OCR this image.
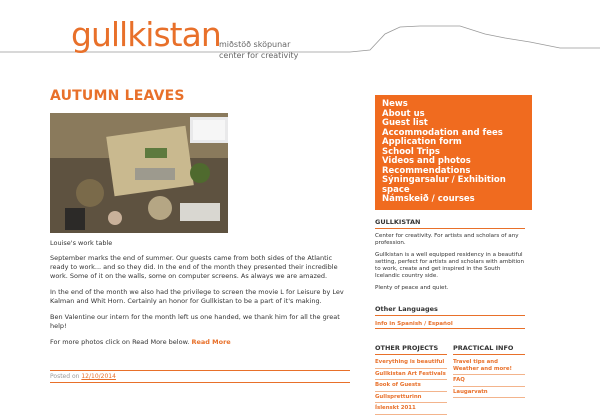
gullkistan
miðstöð sköpunar
center for creativity
AUTUMN LEAVES
Louise's work table

September marks the end of summer. Our guests came from both sides of the Atlantic ready to work... and so they did. In the end of the month they presented their incredible work. Some of it on the walls, some on computer screens. As always we are amazed.

In the end of the month we also had the privilege to screen the movie L for Leisure by Lev Kalman and Whit Horn. Certainly an honor for Gullkistan to be a part of it's making.

Ben Valentine our intern for the month left us one handed, we thank him for all the great help!

For more photos click on Read More below. Read More

Posted on 12/10/2014
News
About us
Guest list
Accommodation and fees
Application form
School Trips
Videos and photos
Recommendations
Sýningarsalur / Exhibition space
Námskeið / courses
GULLKISTAN
Center for creativity. For artists and scholars of any profession.
Gullkistan is a well equipped residency in a beautiful setting, perfect for artists and scholars with ambition to work, create and get inspired in the South Icelandic country side.
Plenty of peace and quiet.
Other Languages
Info in Spanish / Español
OTHER PROJECTS
Everything is beautiful
Gullkistan Art Festivals
Book of Guests
Gullspretturinn
Íslenskt 2011
PRACTICAL INFO
Travel tips and Weather and more!
FAQ
Laugarvatn
